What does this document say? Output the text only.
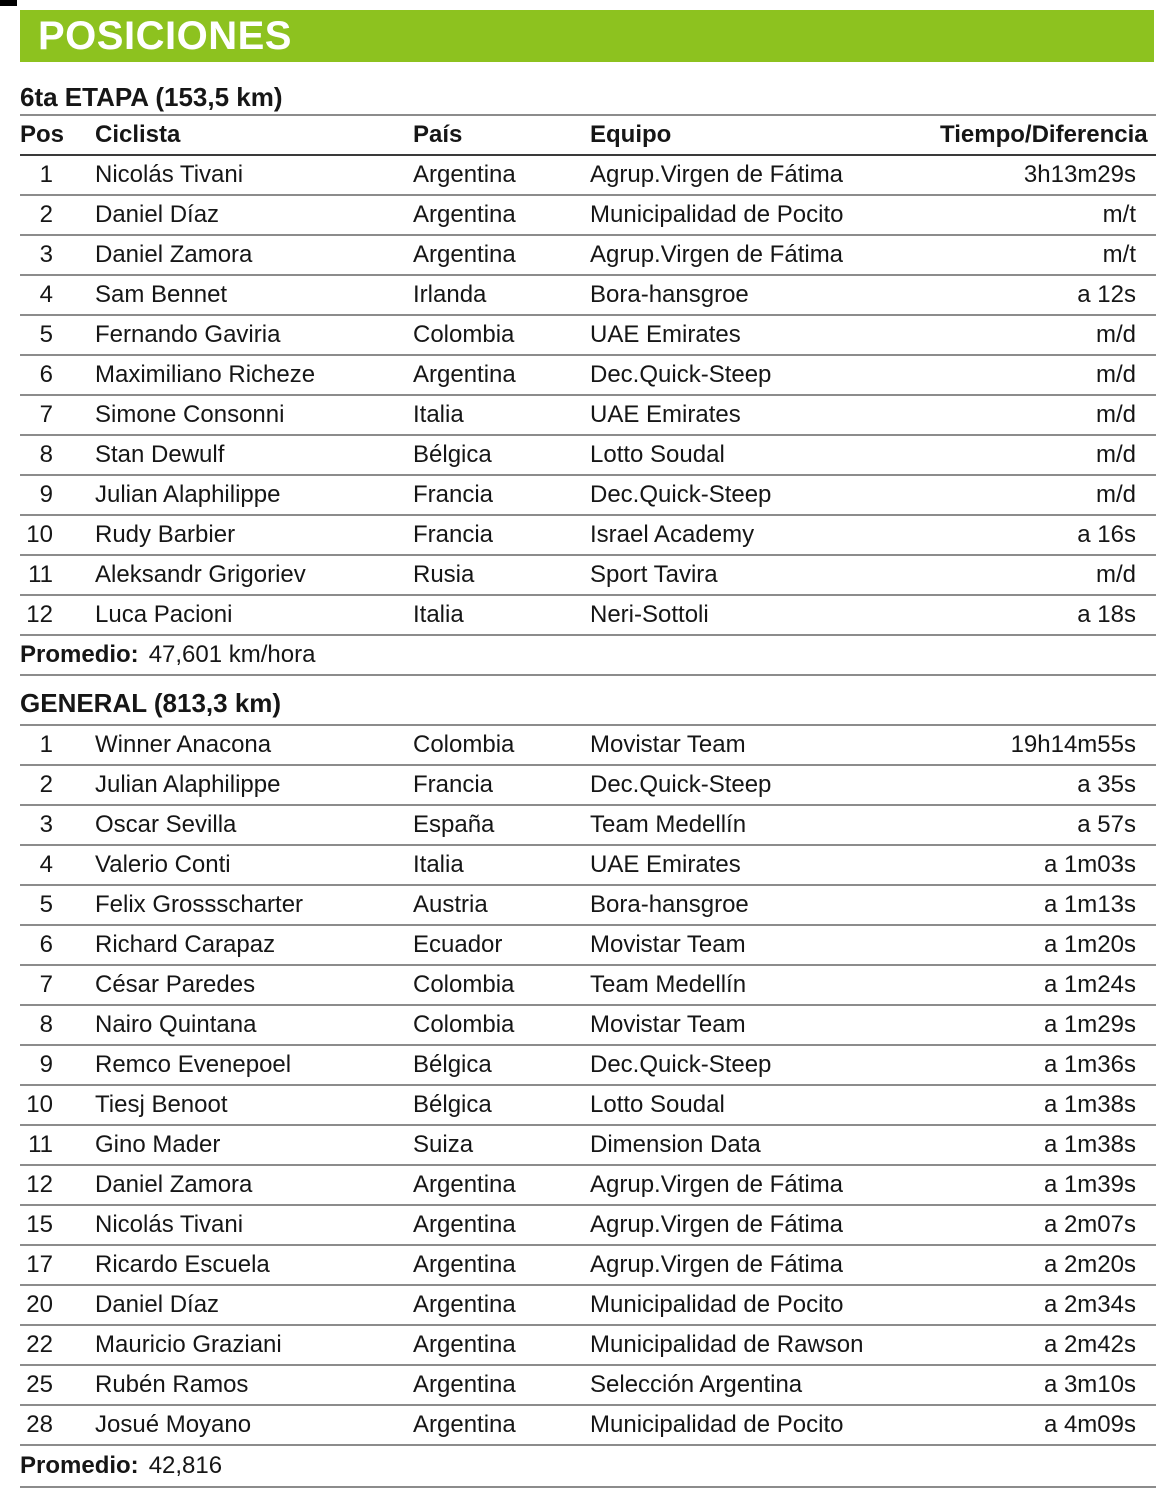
POSICIONES
6ta ETAPA (153,5 km)
Pos	Ciclista	País	Equipo	Tiempo/Diferencia
1	Nicolás Tivani	Argentina	Agrup.Virgen de Fátima	3h13m29s
2	Daniel Díaz	Argentina	Municipalidad de Pocito	m/t
3	Daniel Zamora	Argentina	Agrup.Virgen de Fátima	m/t
4	Sam Bennet	Irlanda	Bora-hansgroe	a 12s
5	Fernando Gaviria	Colombia	UAE Emirates	m/d
6	Maximiliano Richeze	Argentina	Dec.Quick-Steep	m/d
7	Simone Consonni	Italia	UAE Emirates	m/d
8	Stan Dewulf	Bélgica	Lotto Soudal	m/d
9	Julian Alaphilippe	Francia	Dec.Quick-Steep	m/d
10	Rudy Barbier	Francia	Israel Academy	a 16s
11	Aleksandr Grigoriev	Rusia	Sport Tavira	m/d
12	Luca Pacioni	Italia	Neri-Sottoli	a 18s
Promedio: 47,601 km/hora
GENERAL (813,3 km)
1	Winner Anacona	Colombia	Movistar Team	19h14m55s
2	Julian Alaphilippe	Francia	Dec.Quick-Steep	a 35s
3	Oscar Sevilla	España	Team Medellín	a 57s
4	Valerio Conti	Italia	UAE Emirates	a 1m03s
5	Felix Grossscharter	Austria	Bora-hansgroe	a 1m13s
6	Richard Carapaz	Ecuador	Movistar Team	a 1m20s
7	César Paredes	Colombia	Team Medellín	a 1m24s
8	Nairo Quintana	Colombia	Movistar Team	a 1m29s
9	Remco Evenepoel	Bélgica	Dec.Quick-Steep	a 1m36s
10	Tiesj Benoot	Bélgica	Lotto Soudal	a 1m38s
11	Gino Mader	Suiza	Dimension Data	a 1m38s
12	Daniel Zamora	Argentina	Agrup.Virgen de Fátima	a 1m39s
15	Nicolás Tivani	Argentina	Agrup.Virgen de Fátima	a 2m07s
17	Ricardo Escuela	Argentina	Agrup.Virgen de Fátima	a 2m20s
20	Daniel Díaz	Argentina	Municipalidad de Pocito	a 2m34s
22	Mauricio Graziani	Argentina	Municipalidad de Rawson	a 2m42s
25	Rubén Ramos	Argentina	Selección Argentina	a 3m10s
28	Josué Moyano	Argentina	Municipalidad de Pocito	a 4m09s
Promedio: 42,816
